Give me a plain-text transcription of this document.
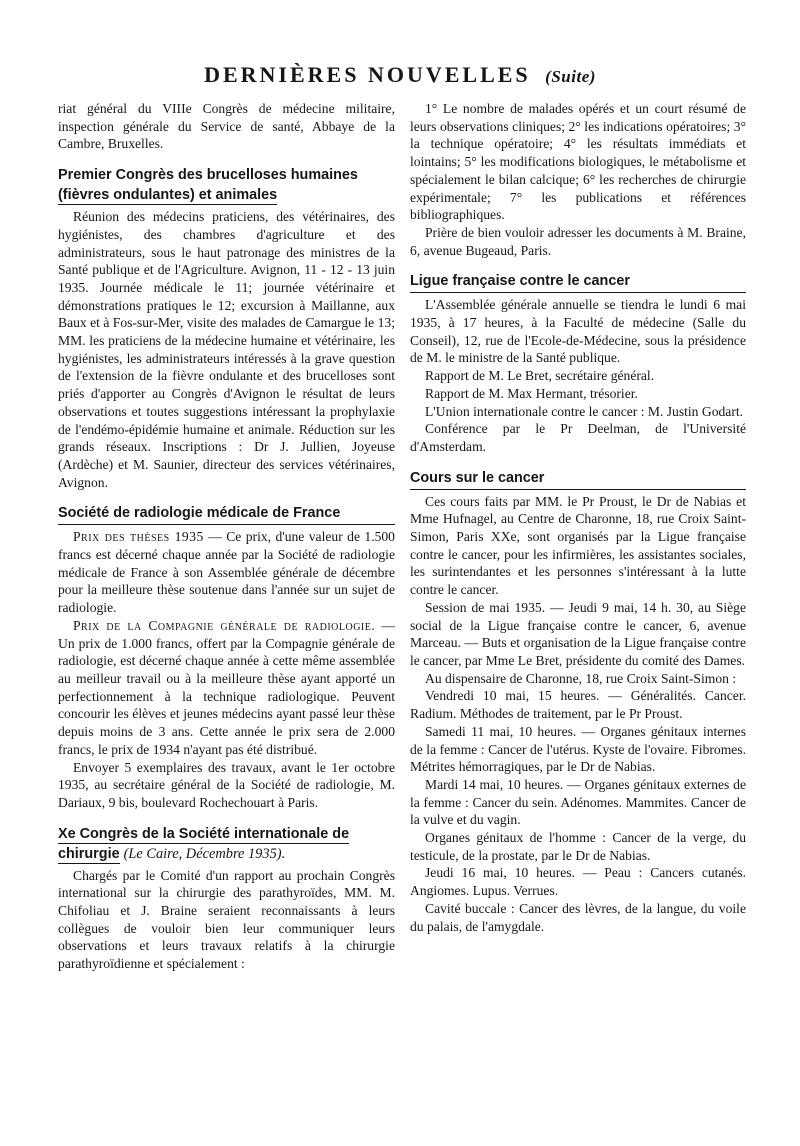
DERNIÈRES NOUVELLES (Suite)

riat général du VIIIe Congrès de médecine militaire, inspection générale du Service de santé, Abbaye de la Cambre, Bruxelles.

Premier Congrès des brucelloses humaines
(fièvres ondulantes) et animales

Réunion des médecins praticiens, des vétérinaires, des hygiénistes, des chambres d'agriculture et des administrateurs, sous le haut patronage des ministres de la Santé publique et de l'Agriculture. Avignon, 11 - 12 - 13 juin 1935. Journée médicale le 11; journée vétérinaire et démonstrations pratiques le 12; excursion à Maillanne, aux Baux et à Fos-sur-Mer, visite des malades de Camargue le 13; MM. les praticiens de la médecine humaine et vétérinaire, les hygiénistes, les administrateurs intéressés à la grave question de l'extension de la fièvre ondulante et des brucelloses sont priés d'apporter au Congrès d'Avignon le résultat de leurs observations et toutes suggestions intéressant la prophylaxie de l'endémo-épidémie humaine et animale. Réduction sur les grands réseaux. Inscriptions : Dr J. Jullien, Joyeuse (Ardèche) et M. Saunier, directeur des services vétérinaires, Avignon.

Société de radiologie médicale de France

Prix des thèses 1935 — Ce prix, d'une valeur de 1.500 francs est décerné chaque année par la Société de radiologie médicale de France à son Assemblée générale de décembre pour la meilleure thèse soutenue dans l'année sur un sujet de radiologie.

Prix de la Compagnie générale de radiologie. — Un prix de 1.000 francs, offert par la Compagnie générale de radiologie, est décerné chaque année à cette même assemblée au meilleur travail ou à la meilleure thèse ayant apporté un perfectionnement à la technique radiologique. Peuvent concourir les élèves et jeunes médecins ayant passé leur thèse depuis moins de 3 ans. Cette année le prix sera de 2.000 francs, le prix de 1934 n'ayant pas été distribué.

Envoyer 5 exemplaires des travaux, avant le 1er octobre 1935, au secrétaire général de la Société de radiologie, M. Dariaux, 9 bis, boulevard Rochechouart à Paris.

Xe Congrès de la Société internationale de
chirurgie (Le Caire, Décembre 1935).

Chargés par le Comité d'un rapport au prochain Congrès international sur la chirurgie des parathyroïdes, MM. M. Chifoliau et J. Braine seraient reconnaissants à leurs collègues de vouloir bien leur communiquer leurs observations et leurs travaux relatifs à la chirurgie parathyroïdienne et spécialement :

1° Le nombre de malades opérés et un court résumé de leurs observations cliniques; 2° les indications opératoires; 3° la technique opératoire; 4° les résultats immédiats et lointains; 5° les modifications biologiques, le métabolisme et spécialement le bilan calcique; 6° les recherches de chirurgie expérimentale; 7° les publications et références bibliographiques.

Prière de bien vouloir adresser les documents à M. Braine, 6, avenue Bugeaud, Paris.

Ligue française contre le cancer

L'Assemblée générale annuelle se tiendra le lundi 6 mai 1935, à 17 heures, à la Faculté de médecine (Salle du Conseil), 12, rue de l'Ecole-de-Médecine, sous la présidence de M. le ministre de la Santé publique.

Rapport de M. Le Bret, secrétaire général.

Rapport de M. Max Hermant, trésorier.

L'Union internationale contre le cancer : M. Justin Godart.

Conférence par le Pr Deelman, de l'Université d'Amsterdam.

Cours sur le cancer

Ces cours faits par MM. le Pr Proust, le Dr de Nabias et Mme Hufnagel, au Centre de Charonne, 18, rue Croix Saint-Simon, Paris XXe, sont organisés par la Ligue française contre le cancer, pour les infirmières, les assistantes sociales, les surintendantes et les personnes s'intéressant à la lutte contre le cancer.

Session de mai 1935. — Jeudi 9 mai, 14 h. 30, au Siège social de la Ligue française contre le cancer, 6, avenue Marceau. — Buts et organisation de la Ligue française contre le cancer, par Mme Le Bret, présidente du comité des Dames.

Au dispensaire de Charonne, 18, rue Croix Saint-Simon :

Vendredi 10 mai, 15 heures. — Généralités. Cancer. Radium. Méthodes de traitement, par le Pr Proust.

Samedi 11 mai, 10 heures. — Organes génitaux internes de la femme : Cancer de l'utérus. Kyste de l'ovaire. Fibromes. Métrites hémorragiques, par le Dr de Nabias.

Mardi 14 mai, 10 heures. — Organes génitaux externes de la femme : Cancer du sein. Adénomes. Mammites. Cancer de la vulve et du vagin.

Organes génitaux de l'homme : Cancer de la verge, du testicule, de la prostate, par le Dr de Nabias.

Jeudi 16 mai, 10 heures. — Peau : Cancers cutanés. Angiomes. Lupus. Verrues.

Cavité buccale : Cancer des lèvres, de la langue, du voile du palais, de l'amygdale.
